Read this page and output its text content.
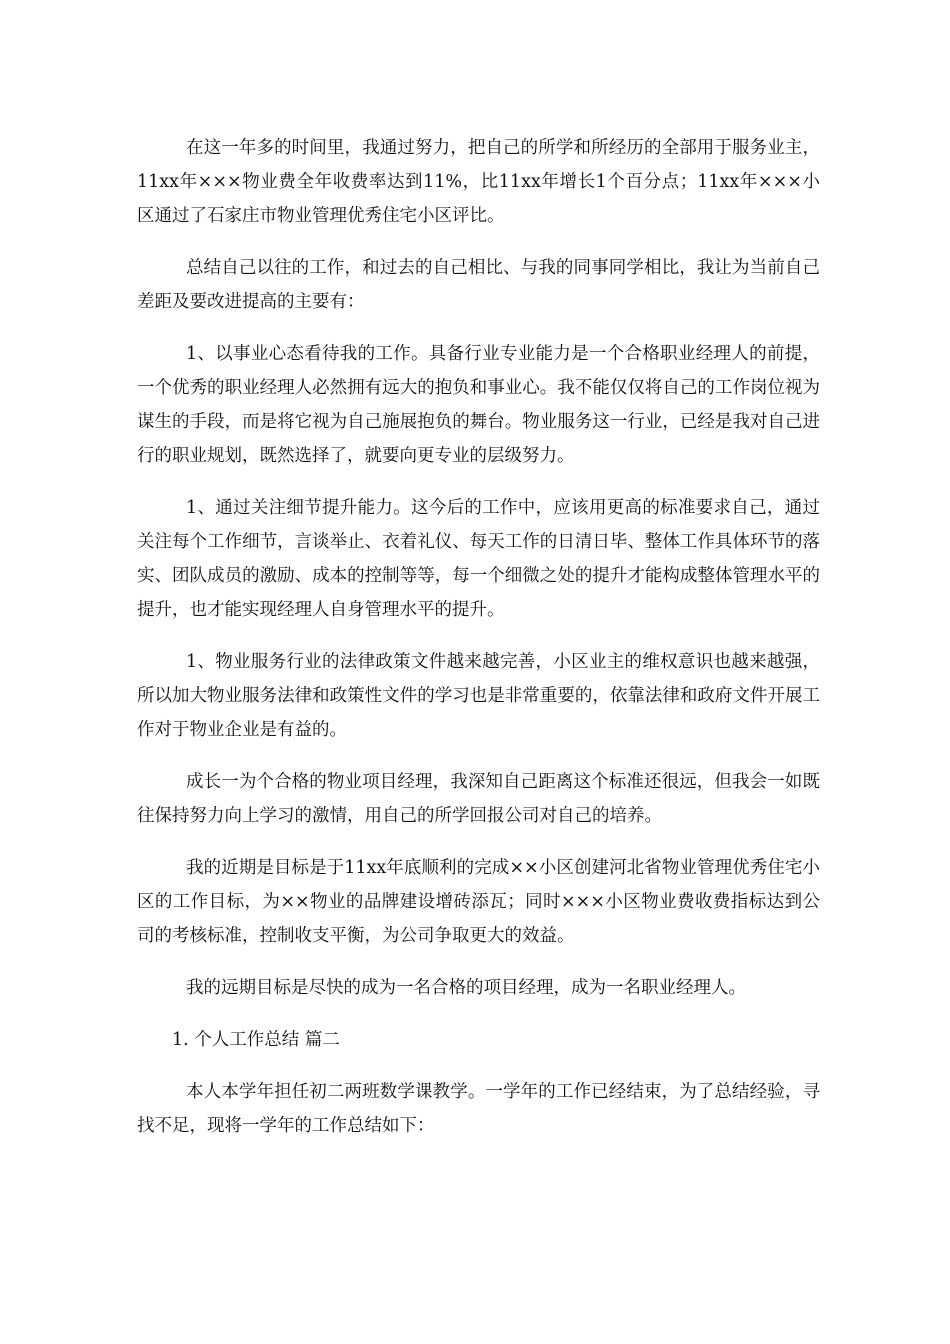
在这一年多的时间里，我通过努力，把自己的所学和所经历的全部用于服务业主，11xx年×××物业费全年收费率达到11%，比11xx年增长1个百分点；11xx年×××小区通过了石家庄市物业管理优秀住宅小区评比。

总结自己以往的工作，和过去的自己相比、与我的同事同学相比，我让为当前自己差距及要改进提高的主要有：

1、以事业心态看待我的工作。具备行业专业能力是一个合格职业经理人的前提，一个优秀的职业经理人必然拥有远大的抱负和事业心。我不能仅仅将自己的工作岗位视为谋生的手段，而是将它视为自己施展抱负的舞台。物业服务这一行业，已经是我对自己进行的职业规划，既然选择了，就要向更专业的层级努力。

1、通过关注细节提升能力。这今后的工作中，应该用更高的标准要求自己，通过关注每个工作细节，言谈举止、衣着礼仪、每天工作的日清日毕、整体工作具体环节的落实、团队成员的激励、成本的控制等等，每一个细微之处的提升才能构成整体管理水平的提升，也才能实现经理人自身管理水平的提升。

1、物业服务行业的法律政策文件越来越完善，小区业主的维权意识也越来越强，所以加大物业服务法律和政策性文件的学习也是非常重要的，依靠法律和政府文件开展工作对于物业企业是有益的。

成长一为个合格的物业项目经理，我深知自己距离这个标准还很远，但我会一如既往保持努力向上学习的激情，用自己的所学回报公司对自己的培养。

我的近期是目标是于11xx年底顺利的完成××小区创建河北省物业管理优秀住宅小区的工作目标，为××物业的品牌建设增砖添瓦；同时×××小区物业费收费指标达到公司的考核标准，控制收支平衡，为公司争取更大的效益。

我的远期目标是尽快的成为一名合格的项目经理，成为一名职业经理人。

1. 个人工作总结 篇二

本人本学年担任初二两班数学课教学。一学年的工作已经结束，为了总结经验，寻找不足，现将一学年的工作总结如下：
